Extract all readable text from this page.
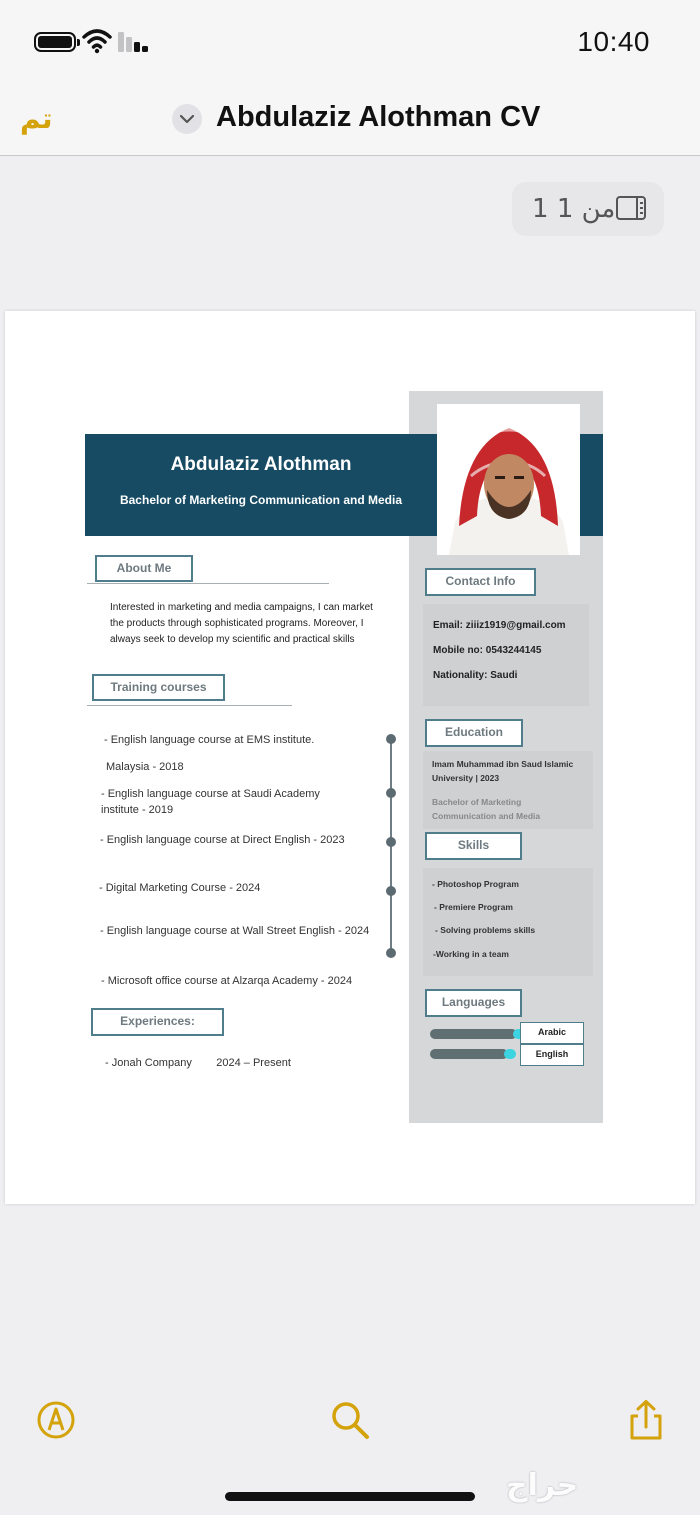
10:40
تم	Abdulaziz Alothman CV
1 من 1
Abdulaziz Alothman
Bachelor of Marketing Communication and Media
About Me
Interested in marketing and media campaigns, I can market the products through sophisticated programs. Moreover, I always seek to develop my scientific and practical skills
Training courses
- English language course at EMS institute.
Malaysia - 2018
- English language course at Saudi Academy institute - 2019
- English language course at Direct English - 2023
- Digital Marketing Course - 2024
- English language course at Wall Street English - 2024
- Microsoft office course at Alzarqa Academy - 2024
Experiences:
- Jonah Company        2024 – Present
Contact Info
Email: ziiiz1919@gmail.com
Mobile no: 0543244145
Nationality: Saudi
Education
Imam Muhammad ibn Saud Islamic University | 2023
Bachelor of Marketing Communication and Media
Skills
- Photoshop Program
- Premiere Program
- Solving problems skills
-Working in a team
Languages
Arabic
English
حراج
